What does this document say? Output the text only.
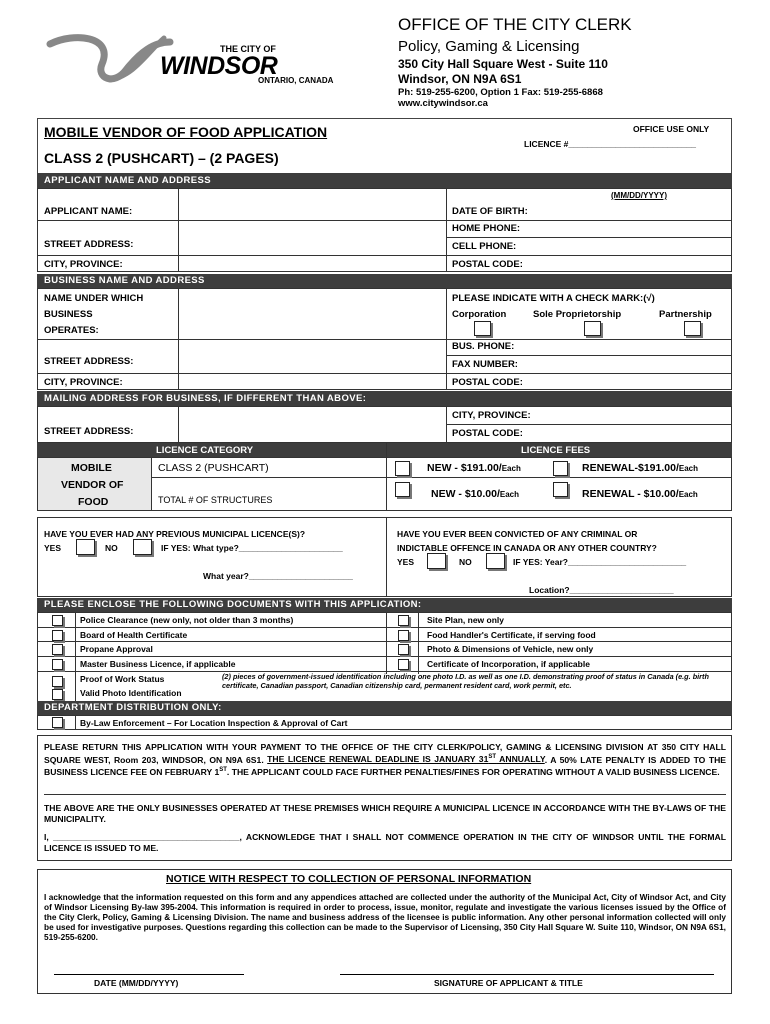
THE CITY OF
WINDSOR
ONTARIO, CANADA
OFFICE OF THE CITY CLERK
Policy, Gaming & Licensing
350 City Hall Square West - Suite 110
Windsor, ON N9A 6S1
Ph: 519-255-6200, Option 1 Fax: 519-255-6868
www.citywindsor.ca
MOBILE VENDOR OF FOOD APPLICATION
CLASS 2 (PUSHCART) – (2 PAGES)
OFFICE USE ONLY
LICENCE #___________________________
APPLICANT NAME AND ADDRESS
(MM/DD/YYYY)
APPLICANT NAME:	DATE OF BIRTH:
HOME PHONE:
STREET ADDRESS:	CELL PHONE:
CITY, PROVINCE:	POSTAL CODE:
BUSINESS NAME AND ADDRESS
NAME UNDER WHICH
BUSINESS
OPERATES:
PLEASE INDICATE WITH A CHECK MARK:(√)
Corporation	Sole Proprietorship	Partnership
BUS. PHONE:
STREET ADDRESS:	FAX NUMBER:
CITY, PROVINCE:	POSTAL CODE:
MAILING ADDRESS FOR BUSINESS, IF DIFFERENT THAN ABOVE:
CITY, PROVINCE:
STREET ADDRESS:	POSTAL CODE:
LICENCE CATEGORY	LICENCE FEES
MOBILE
VENDOR OF
FOOD
CLASS 2 (PUSHCART)
TOTAL # OF STRUCTURES
NEW - $191.00/Each	RENEWAL-$191.00/Each
NEW - $10.00/Each	RENEWAL - $10.00/Each
HAVE YOU EVER HAD ANY PREVIOUS MUNICIPAL LICENCE(S)?
YES	NO	IF YES: What type?______________________
What year?______________________
HAVE YOU EVER BEEN CONVICTED OF ANY CRIMINAL OR
INDICTABLE OFFENCE IN CANADA OR ANY OTHER COUNTRY?
YES	NO	IF YES: Year?_________________________
Location?______________________
PLEASE ENCLOSE THE FOLLOWING DOCUMENTS WITH THIS APPLICATION:
Police Clearance (new only, not older than 3 months)
Board of Health Certificate
Propane Approval
Master Business Licence, if applicable
Proof of Work Status
Valid Photo Identification
(2) pieces of government-issued identification including one photo I.D. as well as one I.D. demonstrating proof of status in Canada (e.g. birth certificate, Canadian passport, Canadian citizenship card, permanent resident card, work permit, etc.
Site Plan, new only
Food Handler's Certificate, if serving food
Photo & Dimensions of Vehicle, new only
Certificate of Incorporation, if applicable
DEPARTMENT DISTRIBUTION ONLY:
By-Law Enforcement – For Location Inspection & Approval of Cart
PLEASE RETURN THIS APPLICATION WITH YOUR PAYMENT TO THE OFFICE OF THE CITY CLERK/POLICY, GAMING & LICENSING DIVISION AT 350 CITY HALL SQUARE WEST, Room 203, WINDSOR, ON N9A 6S1. THE LICENCE RENEWAL DEADLINE IS JANUARY 31ST ANNUALLY. A 50% LATE PENALTY IS ADDED TO THE BUSINESS LICENCE FEE ON FEBRUARY 1ST. THE APPLICANT COULD FACE FURTHER PENALTIES/FINES FOR OPERATING WITHOUT A VALID BUSINESS LICENCE.
THE ABOVE ARE THE ONLY BUSINESSES OPERATED AT THESE PREMISES WHICH REQUIRE A MUNICIPAL LICENCE IN ACCORDANCE WITH THE BY-LAWS OF THE MUNICIPALITY.
I, _______________________________________, ACKNOWLEDGE THAT I SHALL NOT COMMENCE OPERATION IN THE CITY OF WINDSOR UNTIL THE FORMAL LICENCE IS ISSUED TO ME.
NOTICE WITH RESPECT TO COLLECTION OF PERSONAL INFORMATION
I acknowledge that the information requested on this form and any appendices attached are collected under the authority of the Municipal Act, City of Windsor Act, and City of Windsor Licensing By-law 395-2004. This information is required in order to process, issue, monitor, regulate and investigate the various licenses issued by the Office of the City Clerk, Policy, Gaming & Licensing Division. The name and business address of the licensee is public information. Any other personal information collected will only be used for investigative purposes. Questions regarding this collection can be made to the Supervisor of Licensing, 350 City Hall Square W. Suite 110, Windsor, ON N9A 6S1, 519-255-6200.
DATE (MM/DD/YYYY)	SIGNATURE OF APPLICANT & TITLE
